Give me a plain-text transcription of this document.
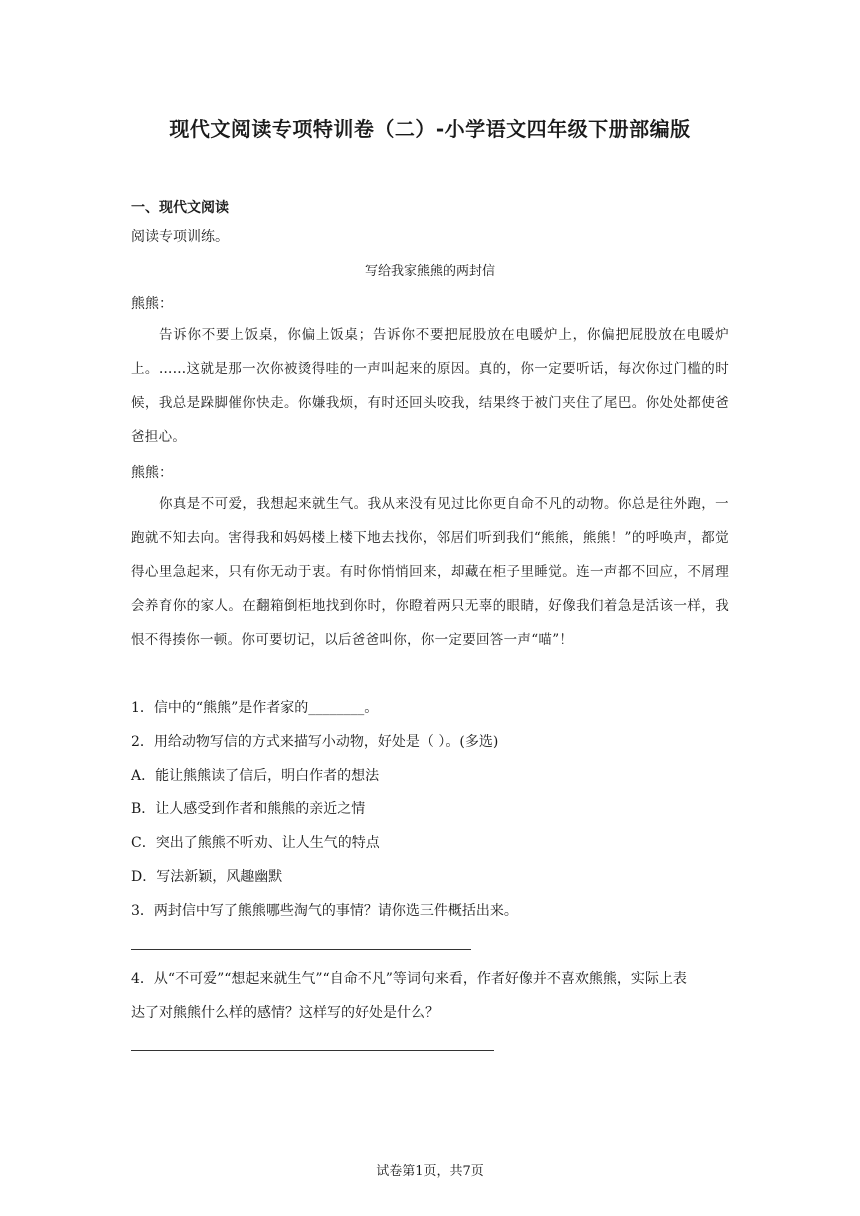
现代文阅读专项特训卷（二）-小学语文四年级下册部编版
一、现代文阅读
阅读专项训练。
写给我家熊熊的两封信
熊熊：
告诉你不要上饭桌，你偏上饭桌；告诉你不要把屁股放在电暖炉上，你偏把屁股放在电暖炉上。……这就是那一次你被烫得哇的一声叫起来的原因。真的，你一定要听话，每次你过门槛的时候，我总是跺脚催你快走。你嫌我烦，有时还回头咬我，结果终于被门夹住了尾巴。你处处都使爸爸担心。
熊熊：
你真是不可爱，我想起来就生气。我从来没有见过比你更自命不凡的动物。你总是往外跑，一跑就不知去向。害得我和妈妈楼上楼下地去找你，邻居们听到我们“熊熊，熊熊！”的呼唤声，都觉得心里急起来，只有你无动于衷。有时你悄悄回来，却藏在柜子里睡觉。连一声都不回应，不屑理会养育你的家人。在翻箱倒柜地找到你时，你瞪着两只无辜的眼睛，好像我们着急是活该一样，我恨不得揍你一顿。你可要切记，以后爸爸叫你，你一定要回答一声“喵”！
1．信中的“熊熊”是作者家的________。
2．用给动物写信的方式来描写小动物，好处是（ ）。(多选)
A．能让熊熊读了信后，明白作者的想法
B．让人感受到作者和熊熊的亲近之情
C．突出了熊熊不听劝、让人生气的特点
D．写法新颖，风趣幽默
3．两封信中写了熊熊哪些淘气的事情？请你选三件概括出来。
4．从“不可爱”“想起来就生气”“自命不凡”等词句来看，作者好像并不喜欢熊熊，实际上表
达了对熊熊什么样的感情？这样写的好处是什么？
试卷第1页，共7页
